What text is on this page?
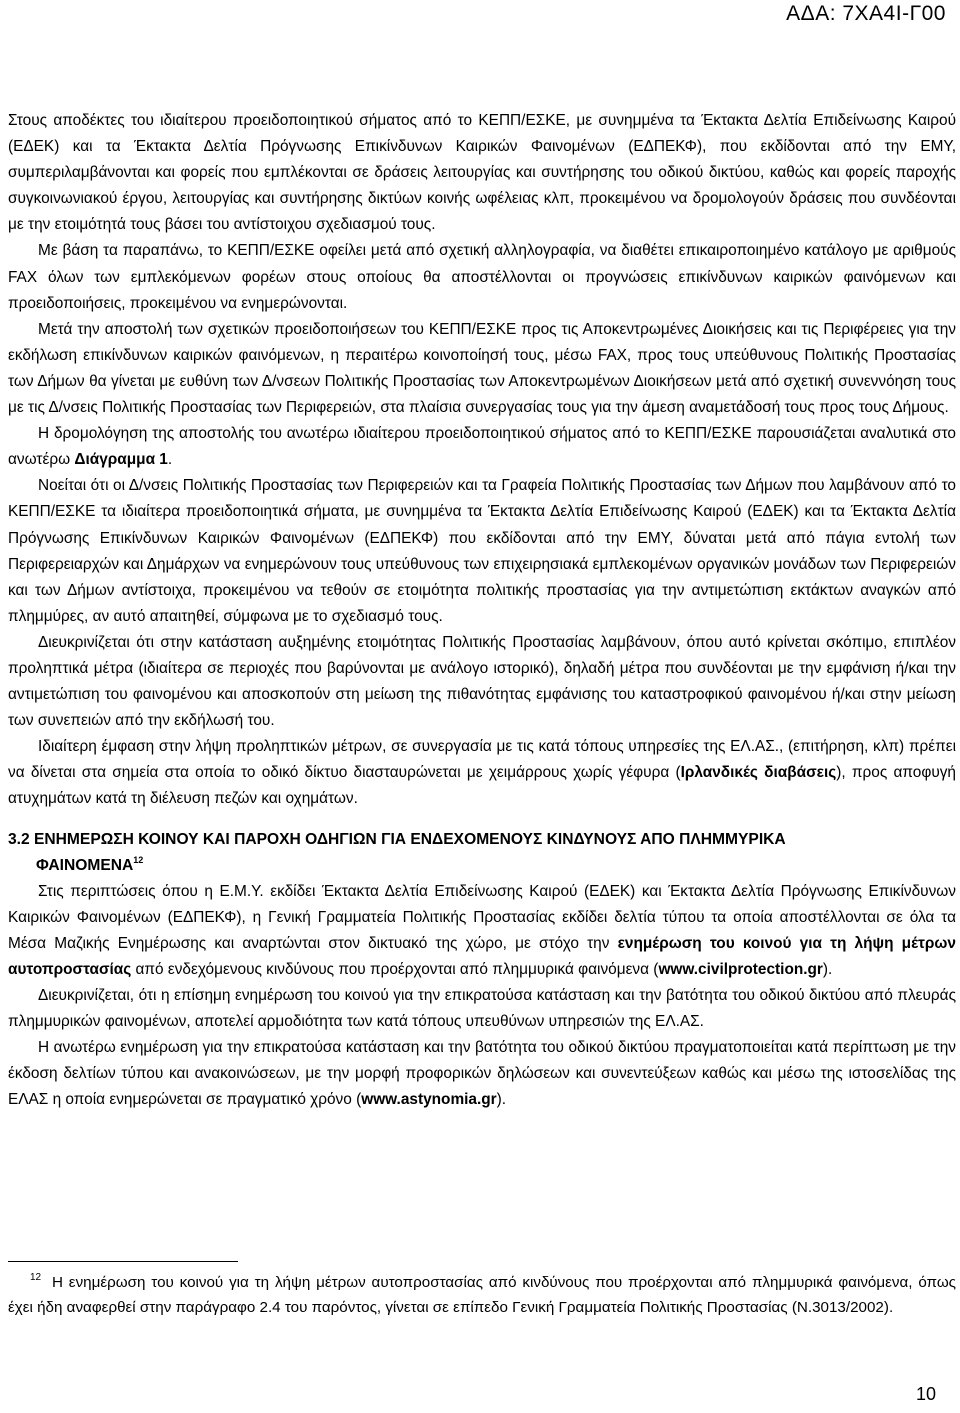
ΑΔΑ: 7ΧΑ4Ι-Γ00

Στους αποδέκτες του ιδιαίτερου προειδοποιητικού σήματος από το ΚΕΠΠ/ΕΣΚΕ, με συνημμένα τα Έκτακτα Δελτία Επιδείνωσης Καιρού (ΕΔΕΚ) και τα Έκτακτα Δελτία Πρόγνωσης Επικίνδυνων Καιρικών Φαινομένων (ΕΔΠΕΚΦ), που εκδίδονται από την ΕΜΥ, συμπεριλαμβάνονται και φορείς που εμπλέκονται σε δράσεις λειτουργίας και συντήρησης του οδικού δικτύου, καθώς και φορείς παροχής συγκοινωνιακού έργου, λειτουργίας και συντήρησης δικτύων κοινής ωφέλειας κλπ, προκειμένου να δρομολογούν δράσεις που συνδέονται με την ετοιμότητά τους βάσει του αντίστοιχου σχεδιασμού τους.

Με βάση τα παραπάνω, το ΚΕΠΠ/ΕΣΚΕ οφείλει μετά από σχετική αλληλογραφία, να διαθέτει επικαιροποιημένο κατάλογο με αριθμούς FAX όλων των εμπλεκόμενων φορέων στους οποίους θα αποστέλλονται οι προγνώσεις επικίνδυνων καιρικών φαινόμενων και προειδοποιήσεις, προκειμένου να ενημερώνονται.

Μετά την αποστολή των σχετικών προειδοποιήσεων του ΚΕΠΠ/ΕΣΚΕ προς τις Αποκεντρωμένες Διοικήσεις και τις Περιφέρειες για την εκδήλωση επικίνδυνων καιρικών φαινόμενων, η περαιτέρω κοινοποίησή τους, μέσω FAX, προς τους υπεύθυνους Πολιτικής Προστασίας των Δήμων θα γίνεται με ευθύνη των Δ/νσεων Πολιτικής Προστασίας των Αποκεντρωμένων Διοικήσεων μετά από σχετική συνεννόηση τους με τις Δ/νσεις Πολιτικής Προστασίας των Περιφερειών, στα πλαίσια συνεργασίας τους για την άμεση αναμετάδοσή τους προς τους Δήμους.

Η δρομολόγηση της αποστολής του ανωτέρω ιδιαίτερου προειδοποιητικού σήματος από το ΚΕΠΠ/ΕΣΚΕ παρουσιάζεται αναλυτικά στο ανωτέρω Διάγραμμα 1.

Νοείται ότι οι Δ/νσεις Πολιτικής Προστασίας των Περιφερειών και τα Γραφεία Πολιτικής Προστασίας των Δήμων που λαμβάνουν από το ΚΕΠΠ/ΕΣΚΕ τα ιδιαίτερα προειδοποιητικά σήματα, με συνημμένα τα Έκτακτα Δελτία Επιδείνωσης Καιρού (ΕΔΕΚ) και τα Έκτακτα Δελτία Πρόγνωσης Επικίνδυνων Καιρικών Φαινομένων (ΕΔΠΕΚΦ) που εκδίδονται από την ΕΜΥ, δύναται μετά από πάγια εντολή των Περιφερειαρχών και Δημάρχων να ενημερώνουν τους υπεύθυνους των επιχειρησιακά εμπλεκομένων οργανικών μονάδων των Περιφερειών και των Δήμων αντίστοιχα, προκειμένου να τεθούν σε ετοιμότητα πολιτικής προστασίας για την αντιμετώπιση εκτάκτων αναγκών από πλημμύρες, αν αυτό απαιτηθεί, σύμφωνα με το σχεδιασμό τους.

Διευκρινίζεται ότι στην κατάσταση αυξημένης ετοιμότητας Πολιτικής Προστασίας λαμβάνουν, όπου αυτό κρίνεται σκόπιμο, επιπλέον προληπτικά μέτρα (ιδιαίτερα σε περιοχές που βαρύνονται με ανάλογο ιστορικό), δηλαδή μέτρα που συνδέονται με την εμφάνιση ή/και την αντιμετώπιση του φαινομένου και αποσκοπούν στη μείωση της πιθανότητας εμφάνισης του καταστροφικού φαινομένου ή/και στην μείωση των συνεπειών από την εκδήλωσή του.

Ιδιαίτερη έμφαση στην λήψη προληπτικών μέτρων, σε συνεργασία με τις κατά τόπους υπηρεσίες της ΕΛ.ΑΣ., (επιτήρηση, κλπ) πρέπει να δίνεται στα σημεία στα οποία το οδικό δίκτυο διασταυρώνεται με χειμάρρους χωρίς γέφυρα (Ιρλανδικές διαβάσεις), προς αποφυγή ατυχημάτων κατά τη διέλευση πεζών και οχημάτων.

3.2 ΕΝΗΜΕΡΩΣΗ ΚΟΙΝΟΥ ΚΑΙ ΠΑΡΟΧΗ ΟΔΗΓΙΩΝ ΓΙΑ ΕΝΔΕΧΟΜΕΝΟΥΣ ΚΙΝΔΥΝΟΥΣ ΑΠΟ ΠΛΗΜΜΥΡΙΚΑ
ΦΑΙΝΟΜΕΝΑ$^{12}$

Στις περιπτώσεις όπου η Ε.Μ.Υ. εκδίδει Έκτακτα Δελτία Επιδείνωσης Καιρού (ΕΔΕΚ) και Έκτακτα Δελτία Πρόγνωσης Επικίνδυνων Καιρικών Φαινομένων (ΕΔΠΕΚΦ), η Γενική Γραμματεία Πολιτικής Προστασίας εκδίδει δελτία τύπου τα οποία αποστέλλονται σε όλα τα Μέσα Μαζικής Ενημέρωσης και αναρτώνται στον δικτυακό της χώρο, με στόχο την ενημέρωση του κοινού για τη λήψη μέτρων αυτοπροστασίας από ενδεχόμενους κινδύνους που προέρχονται από πλημμυρικά φαινόμενα (www.civilprotection.gr).

Διευκρινίζεται, ότι η επίσημη ενημέρωση του κοινού για την επικρατούσα κατάσταση και την βατότητα του οδικού δικτύου από πλευράς πλημμυρικών φαινομένων, αποτελεί αρμοδιότητα των κατά τόπους υπευθύνων υπηρεσιών της ΕΛ.ΑΣ.

Η ανωτέρω ενημέρωση για την επικρατούσα κατάσταση και την βατότητα του οδικού δικτύου πραγματοποιείται κατά περίπτωση με την έκδοση δελτίων τύπου και ανακοινώσεων, με την μορφή προφορικών δηλώσεων και συνεντεύξεων καθώς και μέσω της ιστοσελίδας της ΕΛΑΣ η οποία ενημερώνεται σε πραγματικό χρόνο (www.astynomia.gr).

12 Η ενημέρωση του κοινού για τη λήψη μέτρων αυτοπροστασίας από κινδύνους που προέρχονται από πλημμυρικά φαινόμενα, όπως έχει ήδη αναφερθεί στην παράγραφο 2.4 του παρόντος, γίνεται σε επίπεδο Γενική Γραμματεία Πολιτικής Προστασίας (Ν.3013/2002).

10
